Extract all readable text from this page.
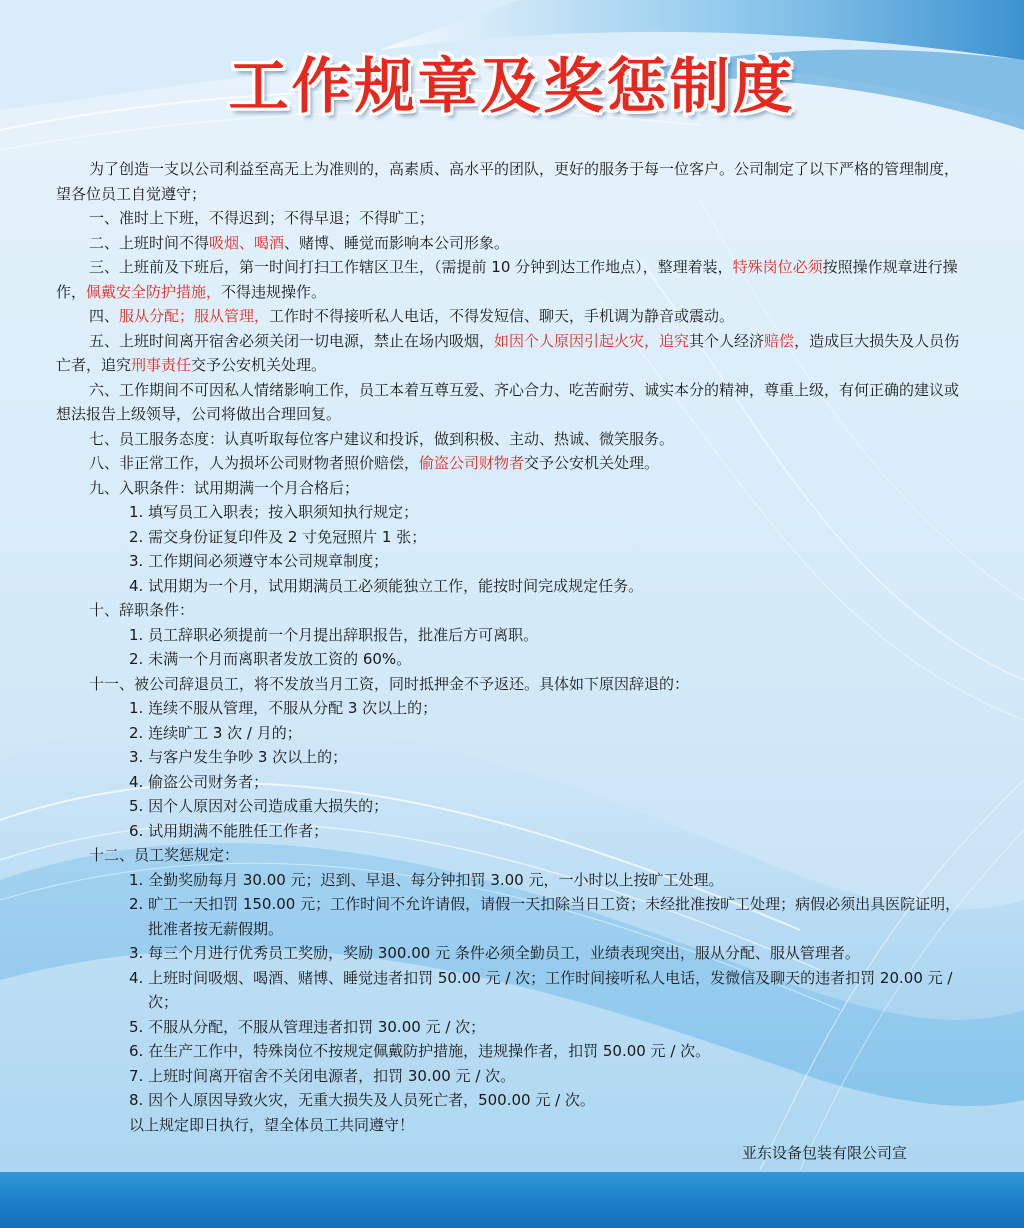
工作规章及奖惩制度

为了创造一支以公司利益至高无上为准则的，高素质、高水平的团队，更好的服务于每一位客户。公司制定了以下严格的管理制度，望各位员工自觉遵守；

一、准时上下班，不得迟到；不得早退；不得旷工；

二、上班时间不得吸烟、喝酒、赌博、睡觉而影响本公司形象。

三、上班前及下班后，第一时间打扫工作辖区卫生，（需提前 10 分钟到达工作地点），整理着装，特殊岗位必须按照操作规章进行操作，佩戴安全防护措施，不得违规操作。

四、服从分配；服从管理，工作时不得接听私人电话，不得发短信、聊天，手机调为静音或震动。

五、上班时间离开宿舍必须关闭一切电源，禁止在场内吸烟，如因个人原因引起火灾，追究其个人经济赔偿，造成巨大损失及人员伤亡者，追究刑事责任交予公安机关处理。

六、工作期间不可因私人情绪影响工作，员工本着互尊互爱、齐心合力、吃苦耐劳、诚实本分的精神，尊重上级，有何正确的建议或想法报告上级领导，公司将做出合理回复。

七、员工服务态度：认真听取每位客户建议和投诉，做到积极、主动、热诚、微笑服务。

八、非正常工作，人为损坏公司财物者照价赔偿，偷盗公司财物者交予公安机关处理。

九、入职条件：试用期满一个月合格后；

1. 填写员工入职表；按入职须知执行规定；

2. 需交身份证复印件及 2 寸免冠照片 1 张；

3. 工作期间必须遵守本公司规章制度；

4. 试用期为一个月，试用期满员工必须能独立工作，能按时间完成规定任务。

十、辞职条件：

1. 员工辞职必须提前一个月提出辞职报告，批准后方可离职。

2. 未满一个月而离职者发放工资的 60%。

十一、被公司辞退员工，将不发放当月工资，同时抵押金不予返还。具体如下原因辞退的：

1. 连续不服从管理，不服从分配 3 次以上的；

2. 连续旷工 3 次 / 月的；

3. 与客户发生争吵 3 次以上的；

4. 偷盗公司财务者；

5. 因个人原因对公司造成重大损失的；

6. 试用期满不能胜任工作者；

十二、员工奖惩规定：

1. 全勤奖励每月 30.00 元；迟到、早退、每分钟扣罚 3.00 元，一小时以上按旷工处理。

2. 旷工一天扣罚 150.00 元；工作时间不允许请假，请假一天扣除当日工资；未经批准按旷工处理；病假必须出具医院证明，批准者按无薪假期。

3. 每三个月进行优秀员工奖励，奖励 300.00 元 条件必须全勤员工，业绩表现突出，服从分配、服从管理者。

4. 上班时间吸烟、喝酒、赌博、睡觉违者扣罚 50.00 元 / 次；工作时间接听私人电话，发微信及聊天的违者扣罚 20.00 元 / 次；

5. 不服从分配，不服从管理违者扣罚 30.00 元 / 次；

6. 在生产工作中，特殊岗位不按规定佩戴防护措施，违规操作者，扣罚 50.00 元 / 次。

7. 上班时间离开宿舍不关闭电源者，扣罚 30.00 元 / 次。

8. 因个人原因导致火灾，无重大损失及人员死亡者，500.00 元 / 次。

以上规定即日执行，望全体员工共同遵守！

亚东设备包装有限公司宣
